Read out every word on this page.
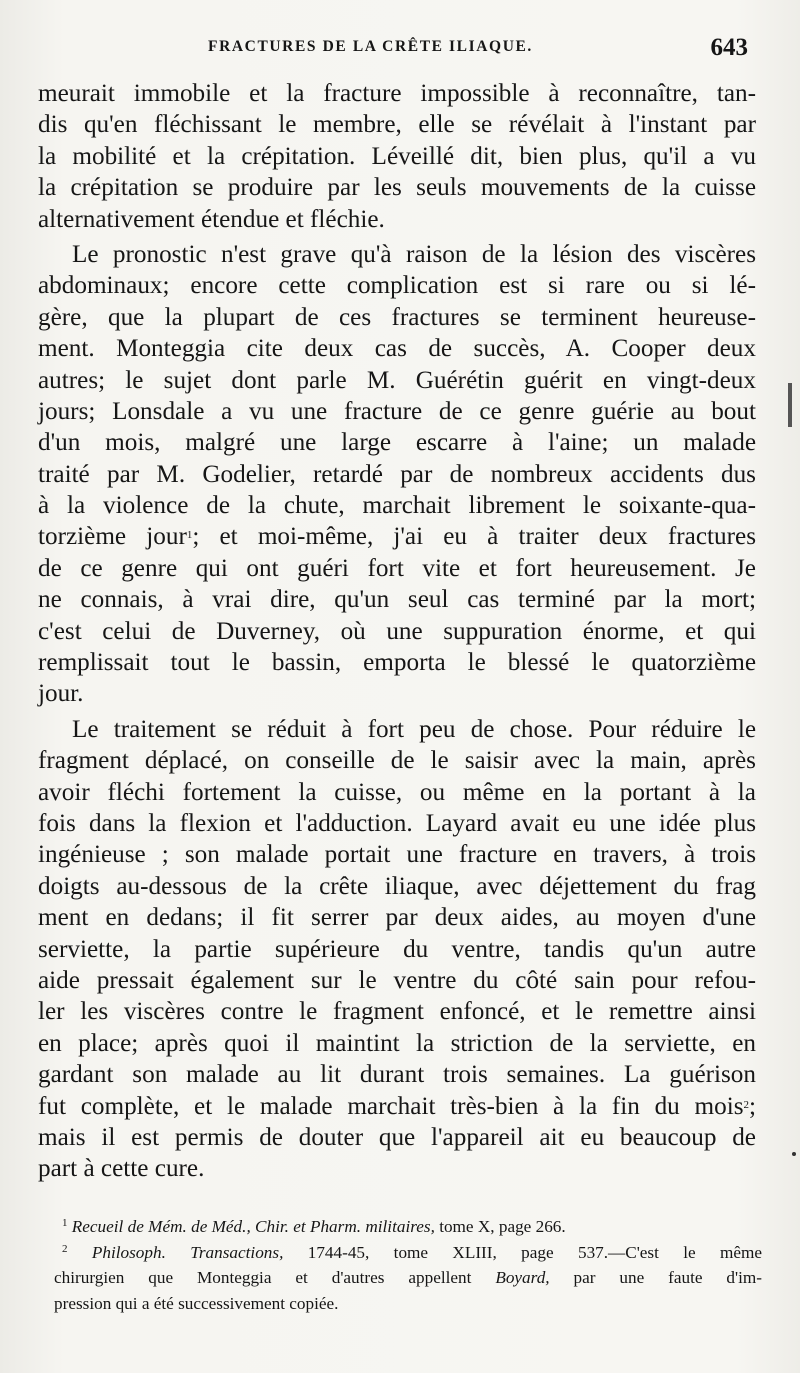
FRACTURES DE LA CRÊTE ILIAQUE.	643
meurait immobile et la fracture impossible à reconnaître, tan-
dis qu'en fléchissant le membre, elle se révélait à l'instant par
la mobilité et la crépitation. Léveillé dit, bien plus, qu'il a vu
la crépitation se produire par les seuls mouvements de la cuisse
alternativement étendue et fléchie.
Le pronostic n'est grave qu'à raison de la lésion des viscères
abdominaux; encore cette complication est si rare ou si lé-
gère, que la plupart de ces fractures se terminent heureuse-
ment. Monteggia cite deux cas de succès, A. Cooper deux
autres; le sujet dont parle M. Guérétin guérit en vingt-deux
jours; Lonsdale a vu une fracture de ce genre guérie au bout
d'un mois, malgré une large escarre à l'aine; un malade
traité par M. Godelier, retardé par de nombreux accidents dus
à la violence de la chute, marchait librement le soixante-qua-
torzième jour$^1$; et moi-même, j'ai eu à traiter deux fractures
de ce genre qui ont guéri fort vite et fort heureusement. Je
ne connais, à vrai dire, qu'un seul cas terminé par la mort;
c'est celui de Duverney, où une suppuration énorme, et qui
remplissait tout le bassin, emporta le blessé le quatorzième
jour.
Le traitement se réduit à fort peu de chose. Pour réduire le
fragment déplacé, on conseille de le saisir avec la main, après
avoir fléchi fortement la cuisse, ou même en la portant à la
fois dans la flexion et l'adduction. Layard avait eu une idée plus
ingénieuse ; son malade portait une fracture en travers, à trois
doigts au-dessous de la crête iliaque, avec déjettement du frag
ment en dedans; il fit serrer par deux aides, au moyen d'une
serviette, la partie supérieure du ventre, tandis qu'un autre
aide pressait également sur le ventre du côté sain pour refou-
ler les viscères contre le fragment enfoncé, et le remettre ainsi
en place; après quoi il maintint la striction de la serviette, en
gardant son malade au lit durant trois semaines. La guérison
fut complète, et le malade marchait très-bien à la fin du mois$^2$;
mais il est permis de douter que l'appareil ait eu beaucoup de
part à cette cure.
$^1$ Recueil de Mém. de Méd., Chir. et Pharm. militaires, tome X, page 266.
$^2$ Philosoph. Transactions, 1744-45, tome XLIII, page 537.—C'est le même
chirurgien que Monteggia et d'autres appellent Boyard, par une faute d'im-
pression qui a été successivement copiée.
